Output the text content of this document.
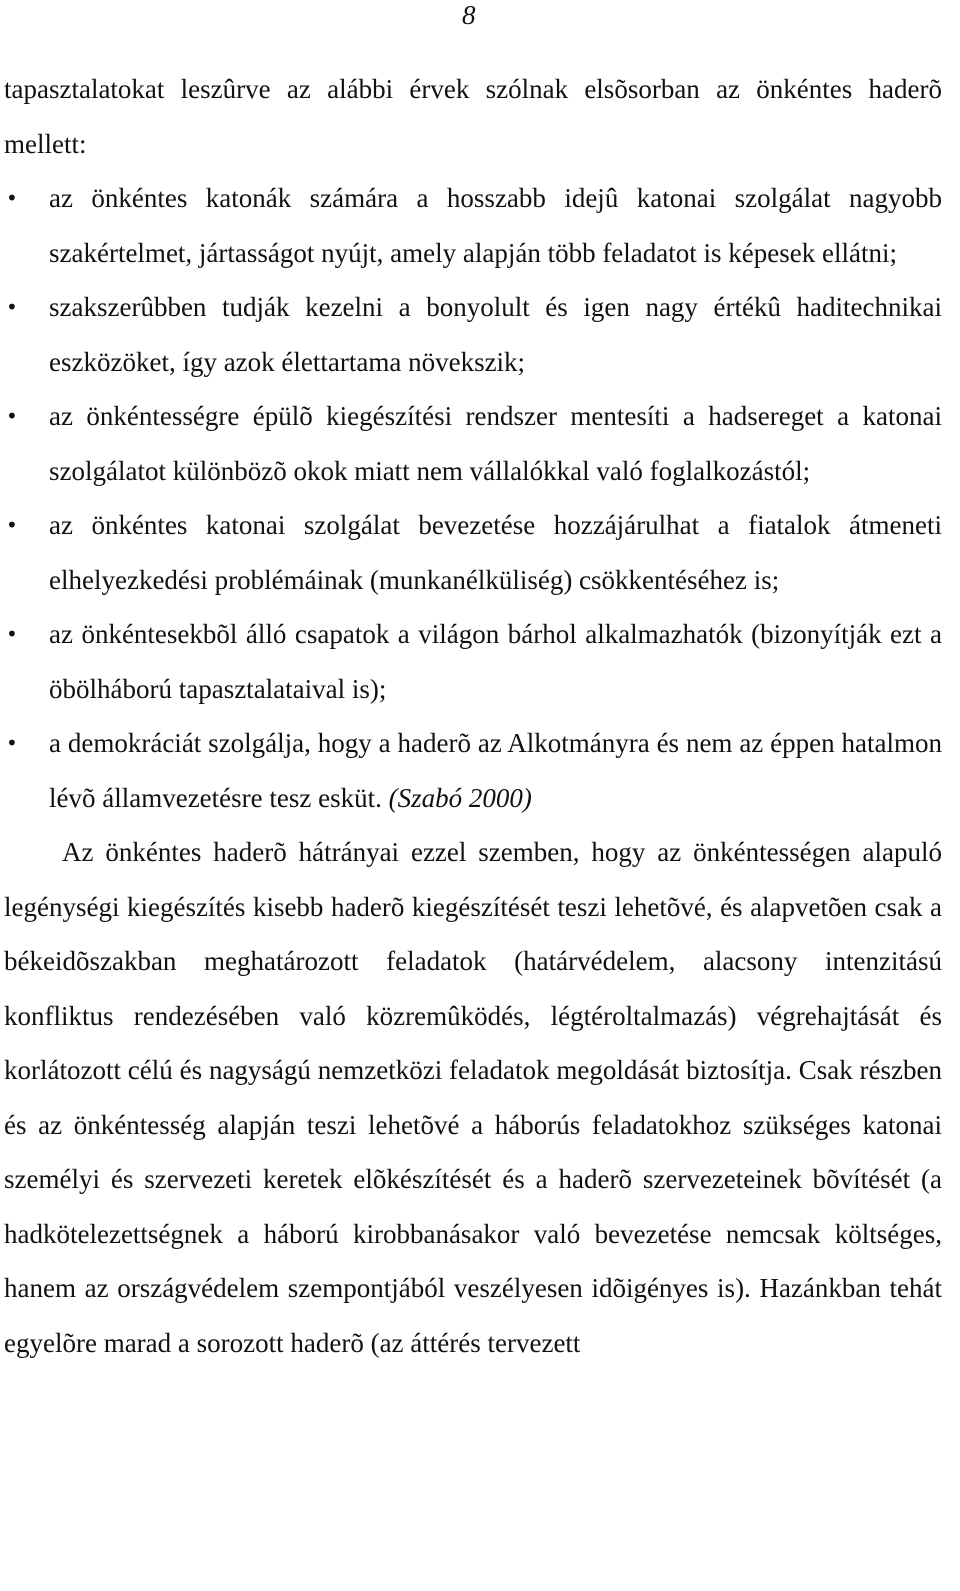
8

tapasztalatokat leszûrve az alábbi érvek szólnak elsõsorban az önkéntes haderõ mellett:

• az önkéntes katonák számára a hosszabb idejû katonai szolgálat nagyobb szakértelmet, jártasságot nyújt, amely alapján több feladatot is képesek ellátni;
• szakszerûbben tudják kezelni a bonyolult és igen nagy értékû haditechnikai eszközöket, így azok élettartama növekszik;
• az önkéntességre épülõ kiegészítési rendszer mentesíti a hadsereget a katonai szolgálatot különbözõ okok miatt nem vállalókkal való foglalkozástól;
• az önkéntes katonai szolgálat bevezetése hozzájárulhat a fiatalok átmeneti elhelyezkedési problémáinak (munkanélküliség) csökkentéséhez is;
• az önkéntesekbõl álló csapatok a világon bárhol alkalmazhatók (bizonyítják ezt a öbölháború tapasztalataival is);
• a demokráciát szolgálja, hogy a haderõ az Alkotmányra és nem az éppen hatalmon lévõ államvezetésre tesz esküt. (Szabó 2000)

Az önkéntes haderõ hátrányai ezzel szemben, hogy az önkéntességen alapuló legénységi kiegészítés kisebb haderõ kiegészítését teszi lehetõvé, és alapvetõen csak a békeidõszakban meghatározott feladatok (határvédelem, alacsony intenzitású konfliktus rendezésében való közremûködés, légtéroltalmazás) végrehajtását és korlátozott célú és nagyságú nemzetközi feladatok megoldását biztosítja. Csak részben és az önkéntesség alapján teszi lehetõvé a háborús feladatokhoz szükséges katonai személyi és szervezeti keretek elõkészítését és a haderõ szervezeteinek bõvítését (a hadkötelezettségnek a háború kirobbanásakor való bevezetése nemcsak költséges, hanem az országvédelem szempontjából veszélyesen idõigényes is). Hazánkban tehát egyelõre marad a sorozott haderõ (az áttérés tervezett
